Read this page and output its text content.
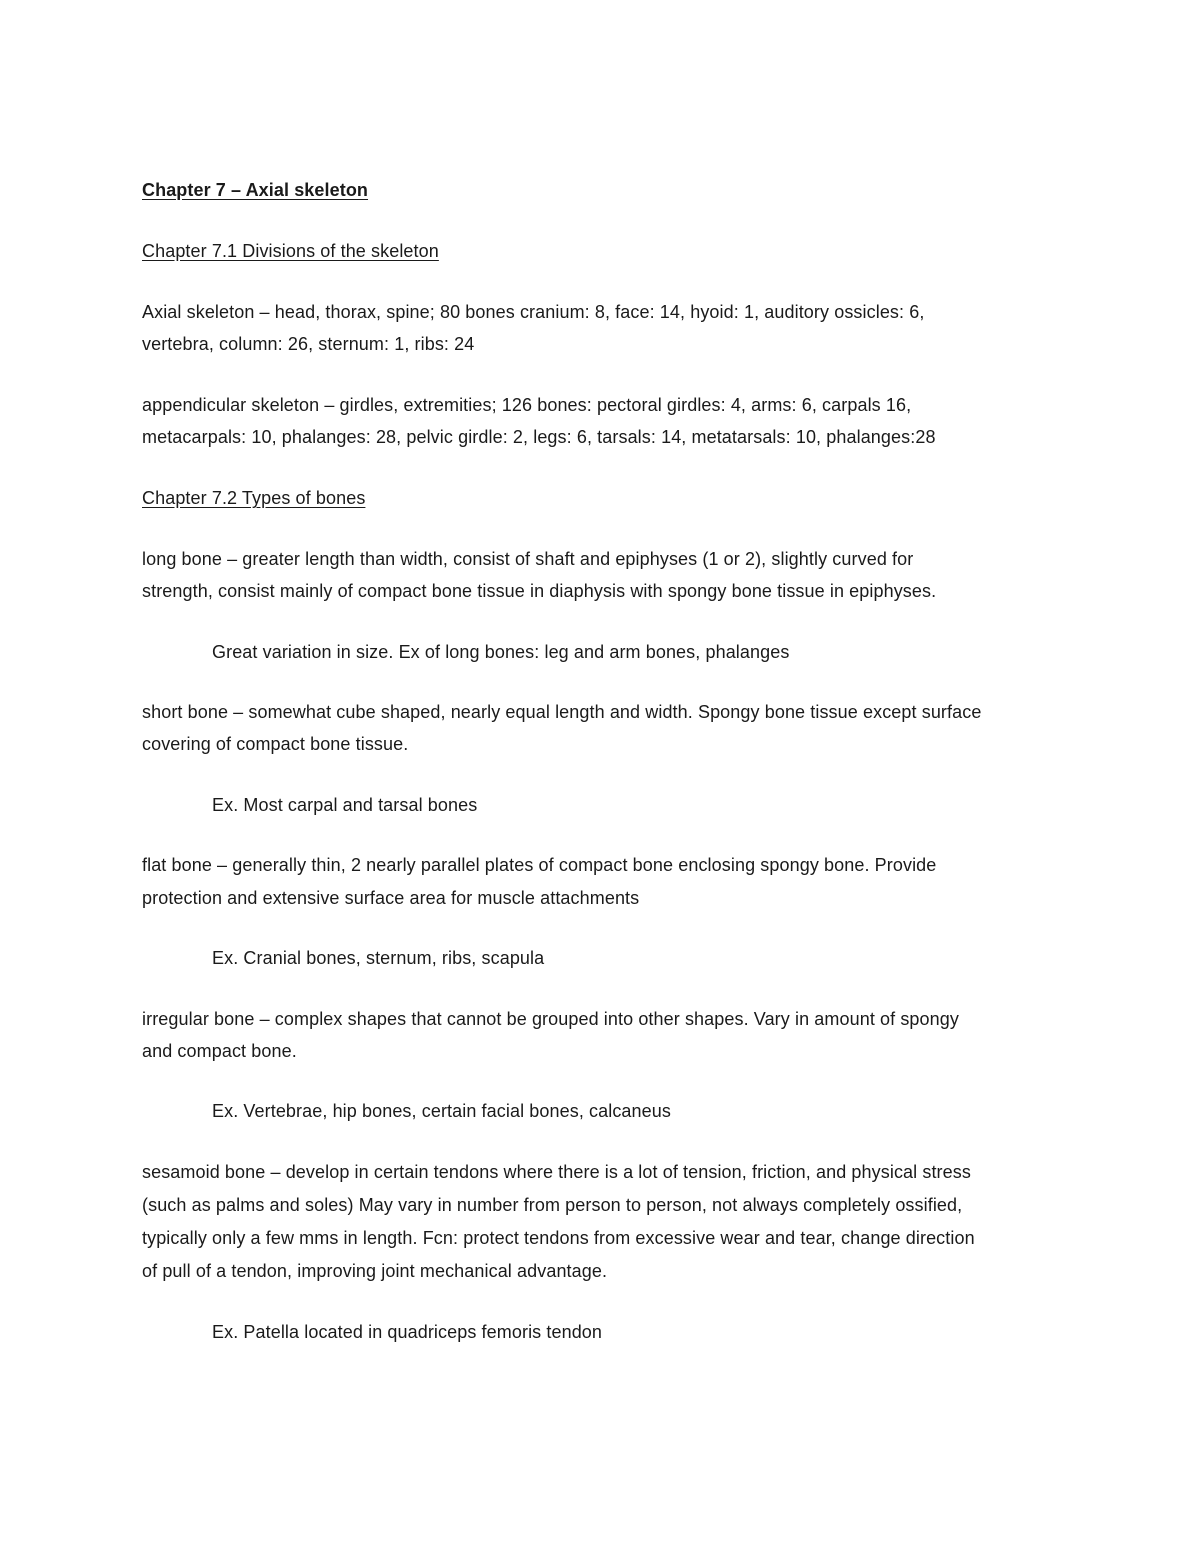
Chapter 7 – Axial skeleton
Chapter 7.1 Divisions of the skeleton
Axial skeleton – head, thorax, spine; 80 bones cranium: 8, face: 14, hyoid: 1, auditory ossicles: 6,
vertebra, column: 26, sternum: 1, ribs: 24
appendicular skeleton – girdles, extremities; 126 bones: pectoral girdles: 4, arms: 6, carpals 16,
metacarpals: 10, phalanges: 28, pelvic girdle: 2, legs: 6, tarsals: 14, metatarsals: 10, phalanges:28
Chapter 7.2 Types of bones
long bone – greater length than width, consist of shaft and epiphyses (1 or 2), slightly curved for
strength, consist mainly of compact bone tissue in diaphysis with spongy bone tissue in epiphyses.
Great variation in size. Ex of long bones: leg and arm bones, phalanges
short bone – somewhat cube shaped, nearly equal length and width. Spongy bone tissue except surface
covering of compact bone tissue.
Ex. Most carpal and tarsal bones
flat bone – generally thin, 2 nearly parallel plates of compact bone enclosing spongy bone. Provide
protection and extensive surface area for muscle attachments
Ex. Cranial bones, sternum, ribs, scapula
irregular bone – complex shapes that cannot be grouped into other shapes. Vary in amount of spongy
and compact bone.
Ex. Vertebrae, hip bones, certain facial bones, calcaneus
sesamoid bone – develop in certain tendons where there is a lot of tension, friction, and physical stress
(such as palms and soles) May vary in number from person to person, not always completely ossified,
typically only a few mms in length. Fcn: protect tendons from excessive wear and tear, change direction
of pull of a tendon, improving joint mechanical advantage.
Ex. Patella located in quadriceps femoris tendon
